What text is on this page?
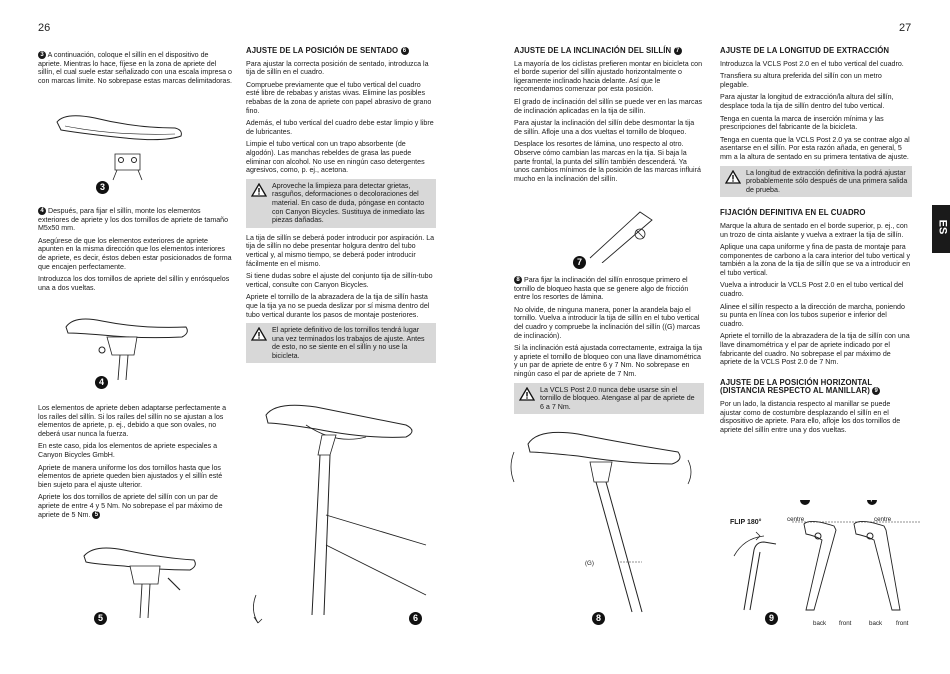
26	27
ES

3 A continuación, coloque el sillín en el dispositivo de apriete. Mientras lo hace, fíjese en la zona de apriete del sillín, el cual suele estar señalizado con una escala impresa o con marcas límite. No sobrepase estas marcas delimitadoras.

3

4 Después, para fijar el sillín, monte los elementos exteriores de apriete y los dos tornillos de apriete de tamaño M5x50 mm.

Asegúrese de que los elementos exteriores de apriete apunten en la misma dirección que los elementos interiores de apriete, es decir, éstos deben estar posicionados de forma que encajen perfectamente.

Introduzca los dos tornillos de apriete del sillín y enrósquelos una a dos vueltas.

4

Los elementos de apriete deben adaptarse perfectamente a los raíles del sillín. Si los raíles del sillín no se ajustan a los elementos de apriete, p. ej., debido a que son ovales, no deberá usar nunca la fuerza.

En este caso, pida los elementos de apriete especiales a Canyon Bicycles GmbH.

Apriete de manera uniforme los dos tornillos hasta que los elementos de apriete queden bien ajustados y el sillín esté bien sujeto para el ajuste ulterior.

Apriete los dos tornillos de apriete del sillín con un par de apriete de entre 4 y 5 Nm. No sobrepase el par máximo de apriete de 5 Nm. 5

5
AJUSTE DE LA POSICIÓN DE SENTADO 6

Para ajustar la correcta posición de sentado, introduzca la tija de sillín en el cuadro.

Compruebe previamente que el tubo vertical del cuadro esté libre de rebabas y aristas vivas. Elimine las posibles rebabas de la zona de apriete con papel abrasivo de grano fino.

Además, el tubo vertical del cuadro debe estar limpio y libre de lubricantes.

Limpie el tubo vertical con un trapo absorbente (de algodón). Las manchas rebeldes de grasa las puede eliminar con alcohol. No use en ningún caso detergentes agresivos, como, p. ej., acetona.

Aproveche la limpieza para detectar grietas, rasguños, deformaciones o decoloraciones del material. En caso de duda, póngase en contacto con Canyon Bicycles. Sustituya de inmediato las piezas dañadas.

La tija de sillín se deberá poder introducir por aspiración. La tija de sillín no debe presentar holgura dentro del tubo vertical y, al mismo tiempo, se deberá poder introducir fácilmente en el mismo.

Si tiene dudas sobre el ajuste del conjunto tija de sillín-tubo vertical, consulte con Canyon Bicycles.

Apriete el tornillo de la abrazadera de la tija de sillín hasta que la tija ya no se pueda deslizar por sí misma dentro del tubo vertical durante los pasos de montaje posteriores.

El apriete definitivo de los tornillos tendrá lugar una vez terminados los trabajos de ajuste. Antes de esto, no se siente en el sillín y no use la bicicleta.
6
AJUSTE DE LA INCLINACIÓN DEL SILLÍN 7

La mayoría de los ciclistas prefieren montar en bicicleta con el borde superior del sillín ajustado horizontalmente o ligeramente inclinado hacia delante. Así que le recomendamos comenzar por esta posición.

El grado de inclinación del sillín se puede ver en las marcas de inclinación aplicadas en la tija de sillín.

Para ajustar la inclinación del sillín debe desmontar la tija de sillín. Afloje una a dos vueltas el tornillo de bloqueo.

Desplace los resortes de lámina, uno respecto al otro. Observe cómo cambian las marcas en la tija. Si baja la parte frontal, la punta del sillín también descenderá. Ya unos cambios mínimos de la posición de las marcas influirá mucho en la inclinación del sillín.

7

8 Para fijar la inclinación del sillín enrosque primero el tornillo de bloqueo hasta que se genere algo de fricción entre los resortes de lámina.

No olvide, de ninguna manera, poner la arandela bajo el tornillo. Vuelva a introducir la tija de sillín en el tubo vertical del cuadro y compruebe la inclinación del sillín ((G) marcas de inclinación).

Si la inclinación está ajustada correctamente, extraiga la tija y apriete el tornillo de bloqueo con una llave dinamométrica y un par de apriete de entre 6 y 7 Nm. No sobrepase en ningún caso el par de apriete de 7 Nm.

La VCLS Post 2.0 nunca debe usarse sin el tornillo de bloqueo. Atengase al par de apriete de 6 a 7 Nm.
(G)
8
AJUSTE DE LA LONGITUD DE EXTRACCIÓN

Introduzca la VCLS Post 2.0 en el tubo vertical del cuadro.

Transfiera su altura preferida del sillín con un metro plegable.

Para ajustar la longitud de extracción/la altura del sillín, desplace toda la tija de sillín dentro del tubo vertical.

Tenga en cuenta la marca de inserción mínima y las prescripciones del fabricante de la bicicleta.

Tenga en cuenta que la VCLS Post 2.0 ya se contrae algo al asentarse en el sillín. Por esta razón añada, en general, 5 mm a la altura de sentado en su primera tentativa de ajuste.

La longitud de extracción definitiva la podrá ajustar probablemente sólo después de una primera salida de prueba.
FIJACIÓN DEFINITIVA EN EL CUADRO

Marque la altura de sentado en el borde superior, p. ej., con un trozo de cinta aislante y vuelva a extraer la tija de sillín.

Aplique una capa uniforme y fina de pasta de montaje para componentes de carbono a la cara interior del tubo vertical y también a la zona de la tija de sillín que se va a introducir en el tubo vertical.

Vuelva a introducir la VCLS Post 2.0 en el tubo vertical del cuadro.

Alinee el sillín respecto a la dirección de marcha, poniendo su punta en línea con los tubos superior e inferior del cuadro.

Apriete el tornillo de la abrazadera de la tija de sillín con una llave dinamométrica y el par de apriete indicado por el fabricante del cuadro. No sobrepase el par máximo de apriete de la VCLS Post 2.0 de 7 Nm.

AJUSTE DE LA POSICIÓN HORIZONTAL (DISTANCIA RESPECTO AL MANILLAR) 9

Por un lado, la distancia respecto al manillar se puede ajustar como de costumbre desplazando el sillín en el dispositivo de apriete. Para ello, afloje los dos tornillos de apriete del sillín entre una y dos vueltas.

−	+
FLIP 180°	centre	centre
9
back front	back front
